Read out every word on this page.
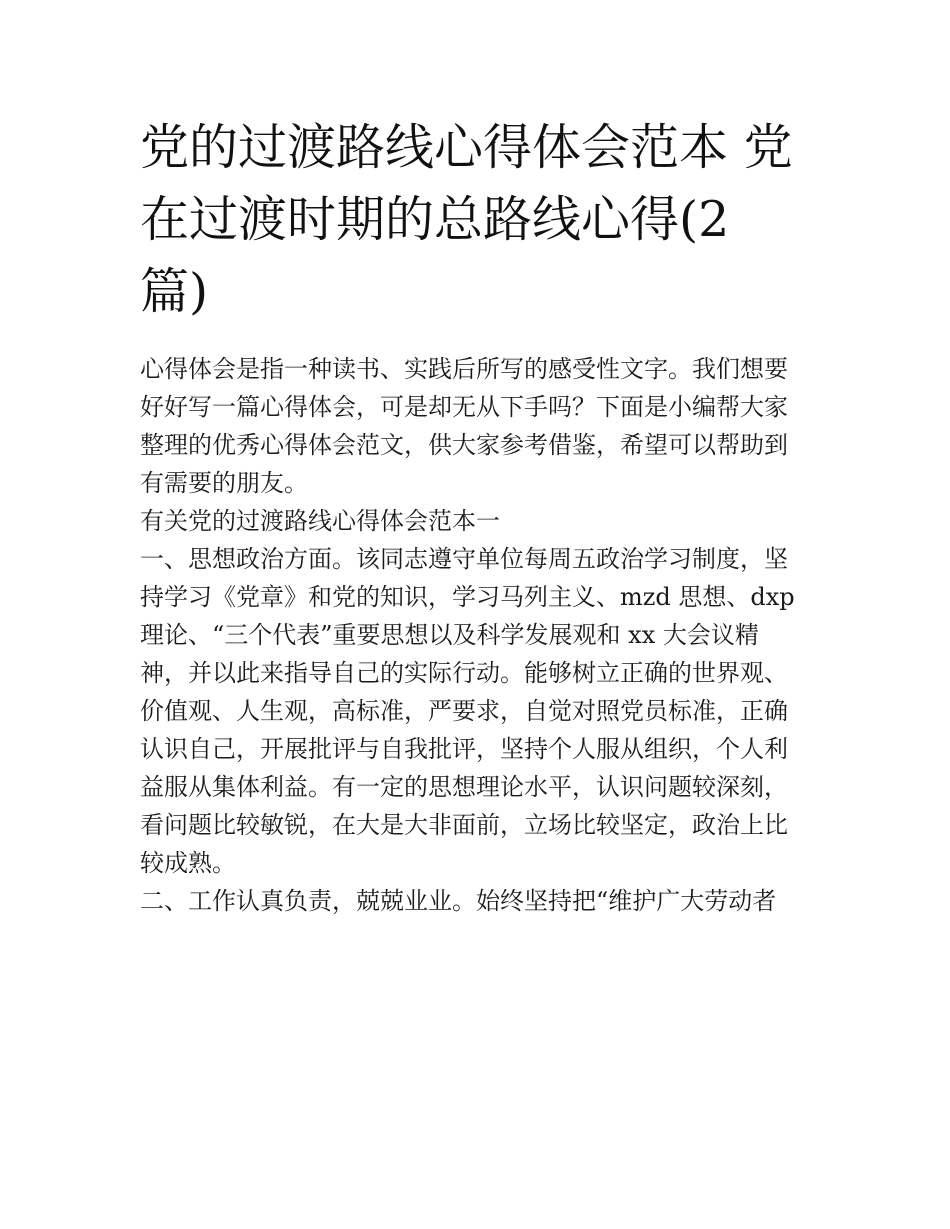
党的过渡路线心得体会范本 党
在过渡时期的总路线心得(2
篇)

心得体会是指一种读书、实践后所写的感受性文字。我们想要
好好写一篇心得体会，可是却无从下手吗？下面是小编帮大家
整理的优秀心得体会范文，供大家参考借鉴，希望可以帮助到
有需要的朋友。

有关党的过渡路线心得体会范本一

一、思想政治方面。该同志遵守单位每周五政治学习制度，坚
持学习《党章》和党的知识，学习马列主义、mzd 思想、dxp
理论、“三个代表”重要思想以及科学发展观和 xx 大会议精
神，并以此来指导自己的实际行动。能够树立正确的世界观、
价值观、人生观，高标准，严要求，自觉对照党员标准，正确
认识自己，开展批评与自我批评，坚持个人服从组织，个人利
益服从集体利益。有一定的思想理论水平，认识问题较深刻，
看问题比较敏锐，在大是大非面前，立场比较坚定，政治上比
较成熟。

二、工作认真负责，兢兢业业。始终坚持把“维护广大劳动者
